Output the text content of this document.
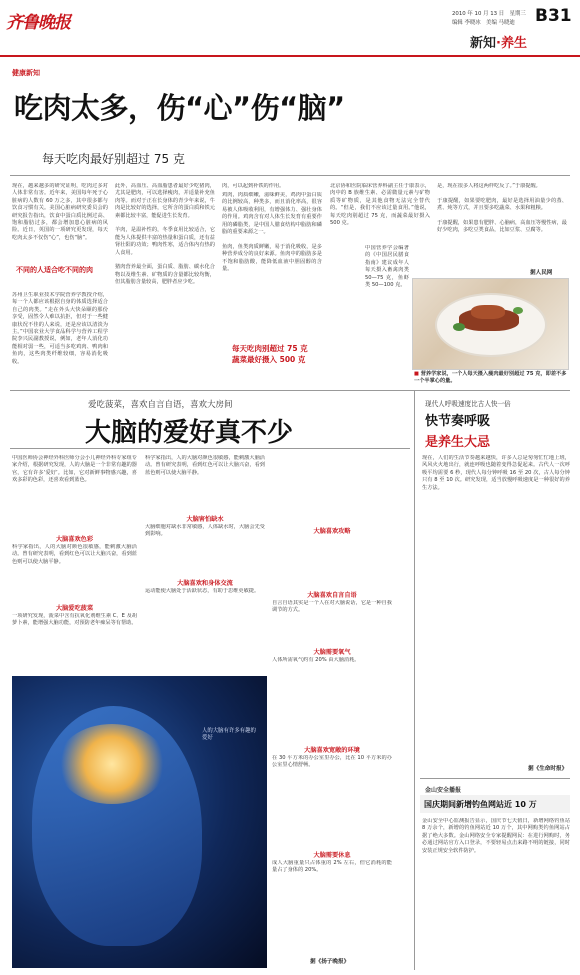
齐鲁晚报	2010 年 10 月 13 日　星期三
编辑 李晓冰　美编 马晓迪 B31
新知·养生
健康新知
吃肉太多，伤“心”伤“脑”
每天吃肉最好别超过 75 克
现在，越来越多的研究证明，吃肉过多对人体非常有害。近年来，美国每年死于心脏病的人数有 60 万之多，其中很多都与饮食习惯有关。美国心脏病研究委员会的研究报告指出，饮食中蛋白质比例过高、饱和脂肪过多，都会增加患心脏病的风险。近日，英国的一项研究更发现，每天吃肉太多不仅伤“心”，也伤“脑”。
不同的人适合吃不同的肉
苏州卫生职业技术学院营养学教授介绍，每一个人都应该根据自身的体质选择适合自己的肉类。“走在外头大快朵颐的那份享受，固然令人难以抗拒，但对于一些健康状况不佳的人来说，还是应该以清淡为主。”中国农业大学食品科学与营养工程学院李兴民副教授说，例如，老年人消化功能相对弱一些，可适当多吃鸡肉、鸭肉和鱼肉，这些肉类纤维较细，容易消化吸收。
此外，高血压、高血脂患者最好少吃猪肉，尤其是肥肉，可以选择瘦肉，并适量补充鱼肉等。而对于正在长身体的青少年来说，牛肉是比较好的选择，它所含的蛋白质和铁元素都比较丰富，能促进生长发育。

羊肉，是温补性的，冬季食用比较适合，它能为人体提供丰富的热量和蛋白质，还有益肾壮阳的功效；鸭肉性寒，适合体内有热的人食用。

猪肉营养最全面，蛋白质、脂肪、碳水化合物以及维生素、矿物质的含量都比较均衡，但其脂肪含量较高，肥胖者应少吃。
肉，可以起到补铁的作用。
鸡肉，肉质细嫩，滋味鲜美，鸡肉中蛋白质的比例较高，种类多，而且消化率高，很容易被人体吸收利用，有增强体力、强壮身体的作用。鸡肉含有对人体生长发育有重要作用的磷脂类，是中国人膳食结构中脂肪和磷脂的重要来源之一。

鱼肉，鱼类肉质鲜嫩，易于消化吸收，是多种营养成分的良好来源。鱼肉中的脂肪多是不饱和脂肪酸，能降低血液中胆固醇的含量。
每天吃肉别超过 75 克
蔬菜最好摄入 500 克
北京协和医院临床营养科副主任于康表示，肉中的 B 族维生素、必需微量元素与矿物质等矿物质，是其他食物无法完全替代的。“但是，我们不应该过量食用。”他说，每天吃肉别超过 75 克，而蔬菜最好摄入 500 克。
中国营养学会编著的《中国居民膳食指南》建议成年人每天摄入畜禽肉类 50—75 克，鱼虾类 50—100 克。
是，现在很多人将这两样吃反了。”于康提醒。

于康提醒，如果要吃肥肉，最好是选择用油量少的蒸、煮、炖等方式，并且要多吃蔬菜、水果和粗粮。

于康提醒，如果患有肥胖、心脑病，高血压等慢性病，最好少吃肉，多吃豆类食品，比如豆浆、豆腐等。
据人民网
■ 营养学家说，一个人每天摄入瘦肉最好别超过 75 克，即差不多一个半掌心的量。
爱吃菠菜，喜欢自言自语，喜欢大房间
大脑的爱好真不少
中国医师协会神经外科医师分会小儿神经外科专家组专家介绍，根据研究发现，人的大脑是一个非常有趣的器官，它有许多‘爱好’。比如，它对新鲜事物感兴趣，喜欢多彩的色彩，还喜欢看到蓝色。
大脑喜欢色彩
科学家指出，人的大脑对颜色很敏感，能刺激大脑活动。曾有研究表明，看到红色可以让大脑兴奋，看到蓝色则可以使大脑平静。
大脑爱吃菠菜
一项研究发现，菠菜中含有抗氧化剂维生素 C、E 及胡萝卜素，能增强大脑功能，对预防老年痴呆等有帮助。
科学家指出，人的大脑对颜色很敏感，能刺激大脑活动。曾有研究表明，看到红色可以让大脑兴奋，看到蓝色则可以使大脑平静。
大脑害怕缺水
大脑细胞对缺水非常敏感，人体缺水时，大脑会先受到影响。
大脑喜欢和身体交流
运动能使大脑处于活跃状态，有助于思维更敏捷。
大脑喜欢攻略
大脑喜欢自言自语
自言自语其实是一个人在对大脑说话，它是一种自我调节的方式。
大脑需要氧气
人体所需氧气约有 20% 由大脑消耗。
大脑喜欢宽敞的环境
在 30 平方米的办公室里办公，比在 10 平方米的办公室里心情舒畅。
大脑需要休息
成人大脑重量只占体重的 2% 左右，但它消耗的能量占了身体的 20%。
据《扬子晚报》
人的大脑有许多有趣的爱好
现代人呼吸速度比古人快一倍
快节奏呼吸
是养生大忌
现在，人们的生活节奏越来越快，许多人总是匆匆忙忙地上班，风风火火地出行，就连呼吸也随着变得急促起来。古代人一次呼吸平均需要 6 秒，现代人每分钟呼吸 16 至 20 次，古人每分钟只有 8 至 10 次。研究发现，适当放慢呼吸速度是一种很好的养生方法。
据《生命时报》
金山安全播报
国庆期间新增钓鱼网站近 10 万
金山安全中心监测报告显示，国庆节七天假日，新增网络钓鱼站 8 万余个，新增的钓鱼网站近 10 万个，其中网购类钓鱼网站占据了绝大多数。金山网络安全专家提醒网民：在进行网购时，务必通过网站官方入口登录，不要轻易点击来路不明的链接，同时安装正规安全软件防护。
